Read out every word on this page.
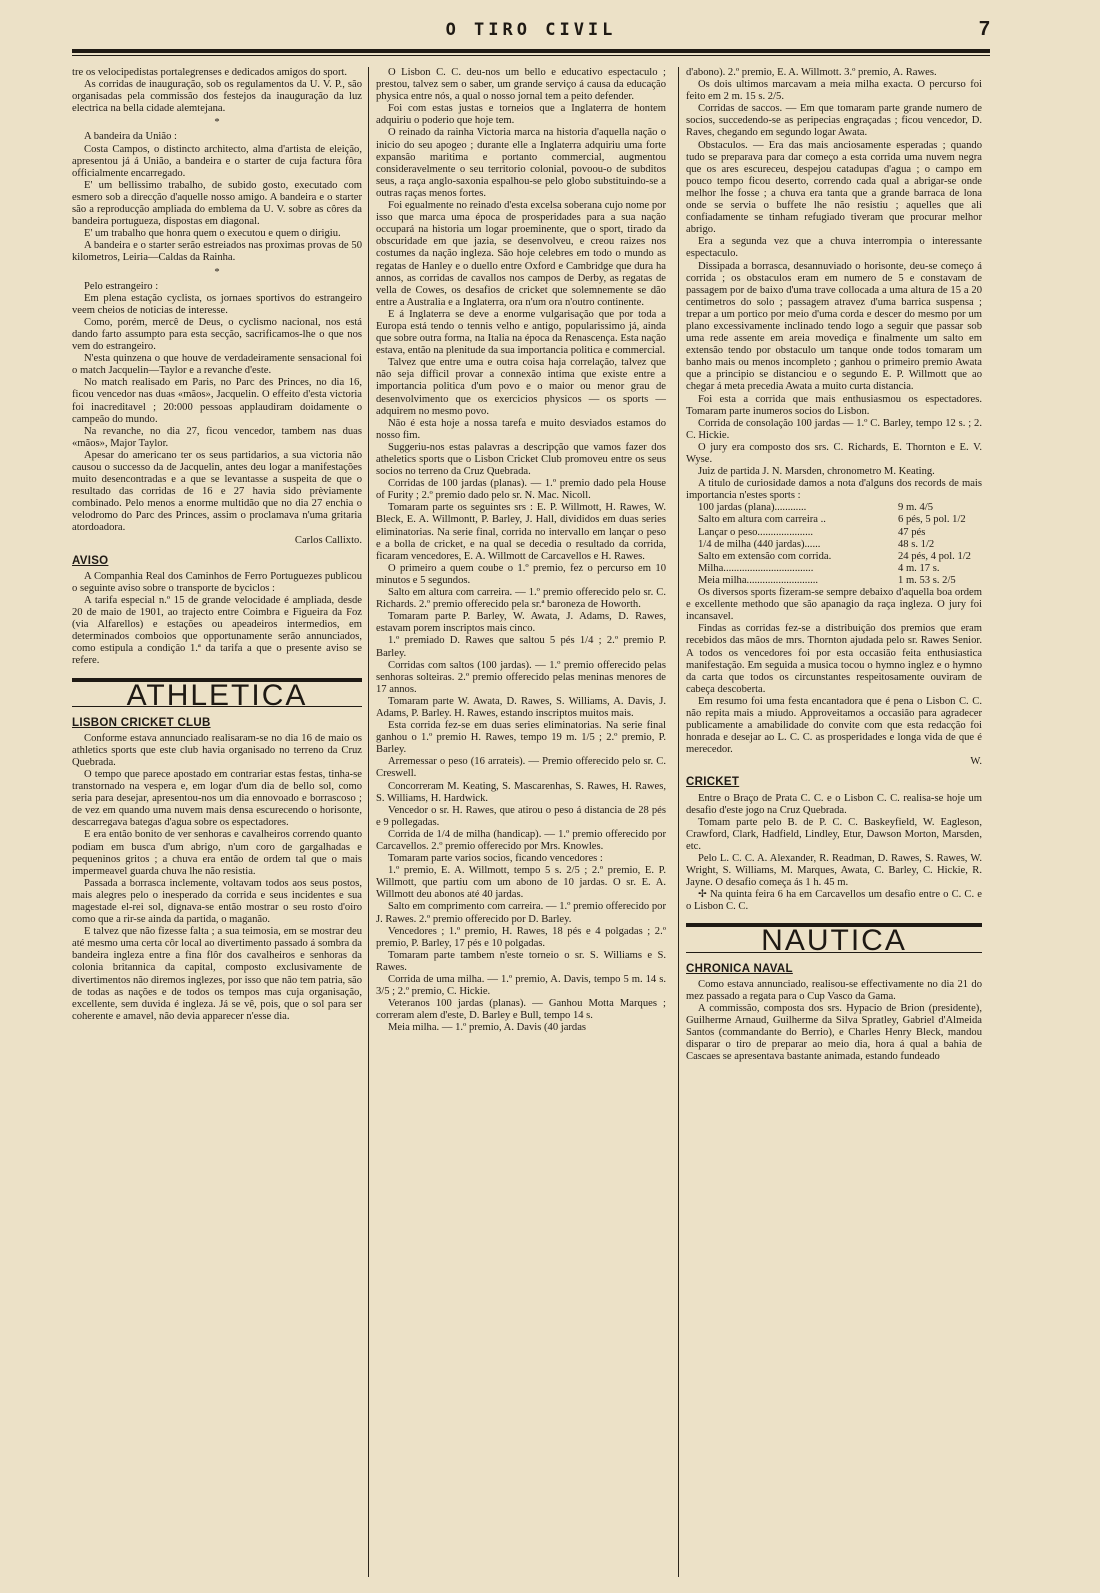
O TIRO CIVIL	7

tre os velocipedistas portalegrenses e dedicados amigos do sport.

As corridas de inauguração, sob os regulamentos da U. V. P., são organisadas pela commissão dos festejos da inauguração da luz electrica na bella cidade alemtejana.

*

A bandeira da União :

Costa Campos, o distincto architecto, alma d'artista de eleição, apresentou já á União, a bandeira e o starter de cuja factura fôra officialmente encarregado.

E' um bellissimo trabalho, de subido gosto, executado com esmero sob a direcção d'aquelle nosso amigo. A bandeira e o starter são a reproducção ampliada do emblema da U. V. sobre as côres da bandeira portugueza, dispostas em diagonal.

E' um trabalho que honra quem o executou e quem o dirigiu.

A bandeira e o starter serão estreiados nas proximas provas de 50 kilometros, Leiria—Caldas da Rainha.

*

Pelo estrangeiro :

Em plena estação cyclista, os jornaes sportivos do estrangeiro veem cheios de noticias de interesse.

Como, porém, mercê de Deus, o cyclismo nacional, nos está dando farto assumpto para esta secção, sacrificamos-lhe o que nos vem do estrangeiro.

N'esta quinzena o que houve de verdadeiramente sensacional foi o match Jacquelin—Taylor e a revanche d'este.

No match realisado em Paris, no Parc des Princes, no dia 16, ficou vencedor nas duas «mãos», Jacquelin. O effeito d'esta victoria foi inacreditavel ; 20:000 pessoas applaudiram doidamente o campeão do mundo.

Na revanche, no dia 27, ficou vencedor, tambem nas duas «mãos», Major Taylor.

Apesar do americano ter os seus partidarios, a sua victoria não causou o successo da de Jacquelin, antes deu logar a manifestações muito desencontradas e a que se levantasse a suspeita de que o resultado das corridas de 16 e 27 havia sido prèviamente combinado. Pelo menos a enorme multidão que no dia 27 enchia o velodromo do Parc des Princes, assim o proclamava n'uma gritaria atordoadora.

Carlos Callixto.

AVISO

A Companhia Real dos Caminhos de Ferro Portuguezes publicou o seguinte aviso sobre o transporte de byciclos :

A tarifa especial n.º 15 de grande velocidade é ampliada, desde 20 de maio de 1901, ao trajecto entre Coimbra e Figueira da Foz (via Alfarellos) e estações ou apeadeiros intermedios, em determinados comboios que opportunamente serão annunciados, como estipula a condição 1.ª da tarifa a que o presente aviso se refere.

ATHLETICA
LISBON CRICKET CLUB

Conforme estava annunciado realisaram-se no dia 16 de maio os athletics sports que este club havia organisado no terreno da Cruz Quebrada.

O tempo que parece apostado em contrariar estas festas, tinha-se transtornado na vespera e, em logar d'um dia de bello sol, como seria para desejar, apresentou-nos um dia ennovoado e borrascoso ; de vez em quando uma nuvem mais densa escurecendo o horisonte, descarregava bategas d'agua sobre os espectadores.

E era então bonito de ver senhoras e cavalheiros correndo quanto podiam em busca d'um abrigo, n'um coro de gargalhadas e pequeninos gritos ; a chuva era então de ordem tal que o mais impermeavel guarda chuva lhe não resistia.

Passada a borrasca inclemente, voltavam todos aos seus postos, mais alegres pelo o inesperado da corrida e seus incidentes e sua magestade el-rei sol, dignava-se então mostrar o seu rosto d'oiro como que a rir-se ainda da partida, o maganão.

E talvez que não fizesse falta ; a sua teimosia, em se mostrar deu até mesmo uma certa côr local ao divertimento passado á sombra da bandeira ingleza entre a fina flôr dos cavalheiros e senhoras da colonia britannica da capital, composto exclusivamente de divertimentos não diremos inglezes, por isso que não tem patria, são de todas as nações e de todos os tempos mas cuja organisação, excellente, sem duvida é ingleza. Já se vê, pois, que o sol para ser coherente e amavel, não devia apparecer n'esse dia.

O Lisbon C. C. deu-nos um bello e educativo espectaculo ; prestou, talvez sem o saber, um grande serviço á causa da educação physica entre nós, a qual o nosso jornal tem a peito defender.

Foi com estas justas e torneios que a Inglaterra de hontem adquiriu o poderio que hoje tem.

O reinado da rainha Victoria marca na historia d'aquella nação o inicio do seu apogeo ; durante elle a Inglaterra adquiriu uma forte expansão maritima e portanto commercial, augmentou consideravelmente o seu territorio colonial, povoou-o de subditos seus, a raça anglo-saxonia espalhou-se pelo globo substituindo-se a outras raças menos fortes.

Foi egualmente no reinado d'esta excelsa soberana cujo nome por isso que marca uma época de prosperidades para a sua nação occupará na historia um logar proeminente, que o sport, tirado da obscuridade em que jazia, se desenvolveu, e creou raizes nos costumes da nação ingleza. São hoje celebres em todo o mundo as regatas de Hanley e o duello entre Oxford e Cambridge que dura ha annos, as corridas de cavallos nos campos de Derby, as regatas de vella de Cowes, os desafios de cricket que solemnemente se dão entre a Australia e a Inglaterra, ora n'um ora n'outro continente.

E á Inglaterra se deve a enorme vulgarisação que por toda a Europa está tendo o tennis velho e antigo, popularissimo já, ainda que sobre outra forma, na Italia na época da Renascença. Esta nação estava, então na plenitude da sua importancia politica e commercial.

Talvez que entre uma e outra coisa haja correlação, talvez que não seja difficil provar a connexão intima que existe entre a importancia politica d'um povo e o maior ou menor grau de desenvolvimento que os exercicios physicos — os sports — adquirem no mesmo povo.

Não é esta hoje a nossa tarefa e muito desviados estamos do nosso fim.

Suggeriu-nos estas palavras a descripção que vamos fazer dos atheletics sports que o Lisbon Cricket Club promoveu entre os seus socios no terreno da Cruz Quebrada.

Corridas de 100 jardas (planas). — 1.º premio dado pela House of Furity ; 2.º premio dado pelo sr. N. Mac. Nicoll.

Tomaram parte os seguintes srs : E. P. Willmott, H. Rawes, W. Bleck, E. A. Willmontt, P. Barley, J. Hall, divididos em duas series eliminatorias. Na serie final, corrida no intervallo em lançar o peso e a bolla de cricket, e na qual se decedia o resultado da corrida, ficaram vencedores, E. A. Willmott de Carcavellos e H. Rawes.

O primeiro a quem coube o 1.º premio, fez o percurso em 10 minutos e 5 segundos.

Salto em altura com carreira. — 1.º premio offerecido pelo sr. C. Richards. 2.º premio offerecido pela sr.ª baroneza de Howorth.

Tomaram parte P. Barley, W. Awata, J. Adams, D. Rawes, estavam porem inscriptos mais cinco.

1.º premiado D. Rawes que saltou 5 pés 1/4 ; 2.º premio P. Barley.

Corridas com saltos (100 jardas). — 1.º premio offerecido pelas senhoras solteiras. 2.º premio offerecido pelas meninas menores de 17 annos.

Tomaram parte W. Awata, D. Rawes, S. Williams, A. Davis, J. Adams, P. Barley. H. Rawes, estando inscriptos muitos mais.

Esta corrida fez-se em duas series eliminatorias. Na serie final ganhou o 1.º premio H. Rawes, tempo 19 m. 1/5 ; 2.º premio, P. Barley.

Arremessar o peso (16 arrateis). — Premio offerecido pelo sr. C. Creswell.

Concorreram M. Keating, S. Mascarenhas, S. Rawes, H. Rawes, S. Williams, H. Hardwick.

Vencedor o sr. H. Rawes, que atirou o peso á distancia de 28 pés e 9 pollegadas.

Corrida de 1/4 de milha (handicap). — 1.º premio offerecido por Carcavellos. 2.º premio offerecido por Mrs. Knowles.

Tomaram parte varios socios, ficando vencedores :

1.º premio, E. A. Willmott, tempo 5 s. 2/5 ; 2.º premio, E. P. Willmott, que partiu com um abono de 10 jardas. O sr. E. A. Willmott deu abonos até 40 jardas.

Salto em comprimento com carreira. — 1.º premio offerecido por J. Rawes. 2.º premio offerecido por D. Barley.

Vencedores ; 1.º premio, H. Rawes, 18 pés e 4 polgadas ; 2.º premio, P. Barley, 17 pés e 10 polgadas.

Tomaram parte tambem n'este torneio o sr. S. Williams e S. Rawes.

Corrida de uma milha. — 1.º premio, A. Davis, tempo 5 m. 14 s. 3/5 ; 2.º premio, C. Hickie.

Veteranos 100 jardas (planas). — Ganhou Mottа Marques ; correram alem d'este, D. Barley e Bull, tempo 14 s.

Meia milha. — 1.º premio, A. Davis (40 jardas

d'abono). 2.º premio, E. A. Willmott. 3.º premio, A. Rawes.

Os dois ultimos marcavam a meia milha exacta. O percurso foi feito em 2 m. 15 s. 2/5.

Corridas de saccos. — Em que tomaram parte grande numero de socios, succedendo-se as peripecias engraçadas ; ficou vencedor, D. Raves, chegando em segundo logar Awata.

Obstaculos. — Era das mais anciosamente esperadas ; quando tudo se preparava para dar começo a esta corrida uma nuvem negra que os ares escureceu, despejou catadupas d'agua ; o campo em pouco tempo ficou deserto, correndo cada qual a abrigar-se onde melhor lhe fosse ; a chuva era tanta que a grande barraca de lona onde se servia o buffete lhe não resistiu ; aquelles que ali confiadamente se tinham refugiado tiveram que procurar melhor abrigo.

Era a segunda vez que a chuva interrompia o interessante espectaculo.

Dissipada a borrasca, desannuviado o horisonte, deu-se começo á corrida ; os obstaculos eram em numero de 5 e constavam de passagem por de baixo d'uma trave collocada a uma altura de 15 a 20 centimetros do solo ; passagem atravez d'uma barrica suspensa ; trepar a um portico por meio d'uma corda e descer do mesmo por um plano excessivamente inclinado tendo logo a seguir que passar sob uma rede assente em areia movediça e finalmente um salto em extensão tendo por obstaculo um tanque onde todos tomaram um banho mais ou menos incompleto ; ganhou o primeiro premio Awata que a principio se distanciou e o segundo E. P. Willmott que ao chegar á meta precedia Awata a muito curta distancia.

Foi esta a corrida que mais enthusiasmou os espectadores. Tomaram parte inumeros socios do Lisbon.

Corrida de consolação 100 jardas — 1.º C. Barley, tempo 12 s. ; 2. C. Hickie.

O jury era composto dos srs. C. Richards, E. Thornton e E. V. Wyse.

Juiz de partida J. N. Marsden, chronometro M. Keating.

A titulo de curiosidade damos a nota d'alguns dos records de mais importancia n'estes sports :

100 jardas (plana)............	9 m. 4/5

Salto em altura com carreira ..	6 pés, 5 pol. 1/2

Lançar o peso.....................	47 pés

1/4 de milha (440 jardas)......	48 s. 1/2

Salto em extensão com corrida.	24 pés, 4 pol. 1/2

Milha..................................	4 m. 17 s.

Meia milha...........................	1 m. 53 s. 2/5

Os diversos sports fizeram-se sempre debaixo d'aquella boa ordem e excellente methodo que são apanagio da raça ingleza. O jury foi incansavel.

Findas as corridas fez-se a distribuição dos premios que eram recebidos das mãos de mrs. Thornton ajudada pelo sr. Rawes Senior. A todos os vencedores foi por esta occasião feita enthusiastica manifestação. Em seguida a musica tocou o hymno inglez e o hymno da carta que todos os circunstantes respeitosamente ouviram de cabeça descoberta.

Em resumo foi uma festa encantadora que é pena o Lisbon C. C. não repita mais a miudo. Approveitamos a occasião para agradecer publicamente a amabilidade do convite com que esta redacção foi honrada e desejar ao L. C. C. as prosperidades e longa vida de que é merecedor.

W.

CRICKET

Entre o Braço de Prata C. C. e o Lisbon C. C. realisa-se hoje um desafio d'este jogo na Cruz Quebrada.

Tomam parte pelo B. de P. C. C. Baskeyfield, W. Eagleson, Crawford, Clark, Hadfield, Lindley, Etur, Dawson Morton, Marsden, etc.

Pelo L. C. C. A. Alexander, R. Readman, D. Rawes, S. Rawes, W. Wright, S. Williams, M. Marques, Awata, C. Barley, C. Hickie, R. Jayne. O desafio começa ás 1 h. 45 m.

✢ Na quinta feira 6 ha em Carcavellos um desafio entre o C. C. e o Lisbon C. C.

NAUTICA
CHRONICA NAVAL

Como estava annunciado, realisou-se effectivamente no dia 21 do mez passado a regata para o Cup Vasco da Gama.

A commissão, composta dos srs. Hypacio de Brion (presidente), Guilherme Arnaud, Guilherme da Silva Spratley, Gabriel d'Almeida Santos (commandante do Berrio), e Charles Henry Bleck, mandou disparar o tiro de preparar ao meio dia, hora á qual a bahia de Cascaes se apresentava bastante animada, estando fundeado
